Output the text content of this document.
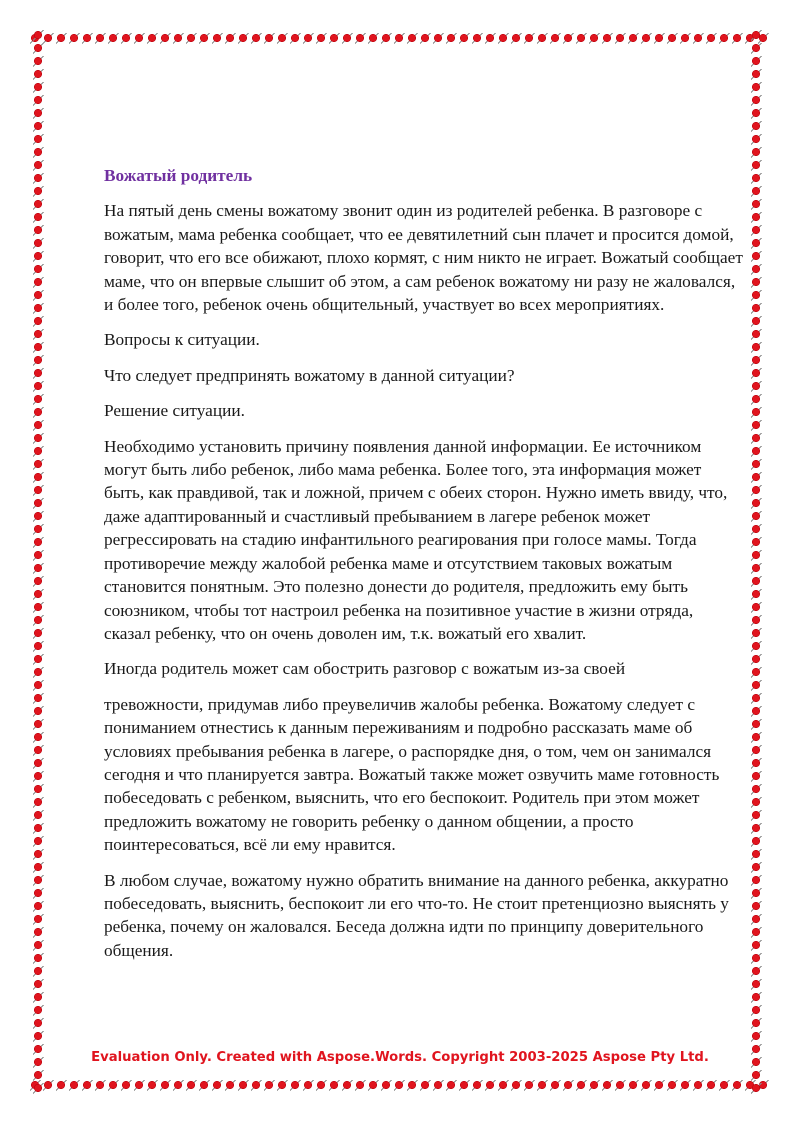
Вожатый родитель

На пятый день смены вожатому звонит один из родителей ребенка. В разговоре с вожатым, мама ребенка сообщает, что ее девятилетний сын плачет и просится домой, говорит, что его все обижают, плохо кормят, с ним никто не играет. Вожатый сообщает маме, что он впервые слышит об этом, а сам ребенок вожатому ни разу не жаловался, и более того, ребенок очень общительный, участвует во всех мероприятиях.

Вопросы к ситуации.

Что следует предпринять вожатому в данной ситуации?

Решение ситуации.

Необходимо установить причину появления данной информации. Ее источником могут быть либо ребенок, либо мама ребенка. Более того, эта информация может быть, как правдивой, так и ложной, причем с обеих сторон. Нужно иметь ввиду, что, даже адаптированный и счастливый пребыванием в лагере ребенок может регрессировать на стадию инфантильного реагирования при голосе мамы. Тогда противоречие между жалобой ребенка маме и отсутствием таковых вожатым становится понятным. Это полезно донести до родителя, предложить ему быть союзником, чтобы тот настроил ребенка на позитивное участие в жизни отряда, сказал ребенку, что он очень доволен им, т.к. вожатый его хвалит.

Иногда родитель может сам обострить разговор с вожатым из-за своей

тревожности, придумав либо преувеличив жалобы ребенка. Вожатому следует с пониманием отнестись к данным переживаниям и подробно рассказать маме об условиях пребывания ребенка в лагере, о распорядке дня, о том, чем он занимался сегодня и что планируется завтра. Вожатый также может озвучить маме готовность побеседовать с ребенком, выяснить, что его беспокоит. Родитель при этом может предложить вожатому не говорить ребенку о данном общении, а просто поинтересоваться, всё ли ему нравится.

В любом случае, вожатому нужно обратить внимание на данного ребенка, аккуратно побеседовать, выяснить, беспокоит ли его что-то. Не стоит претенциозно выяснять у ребенка, почему он жаловался. Беседа должна идти по принципу доверительного общения.

Evaluation Only. Created with Aspose.Words. Copyright 2003-2025 Aspose Pty Ltd.
